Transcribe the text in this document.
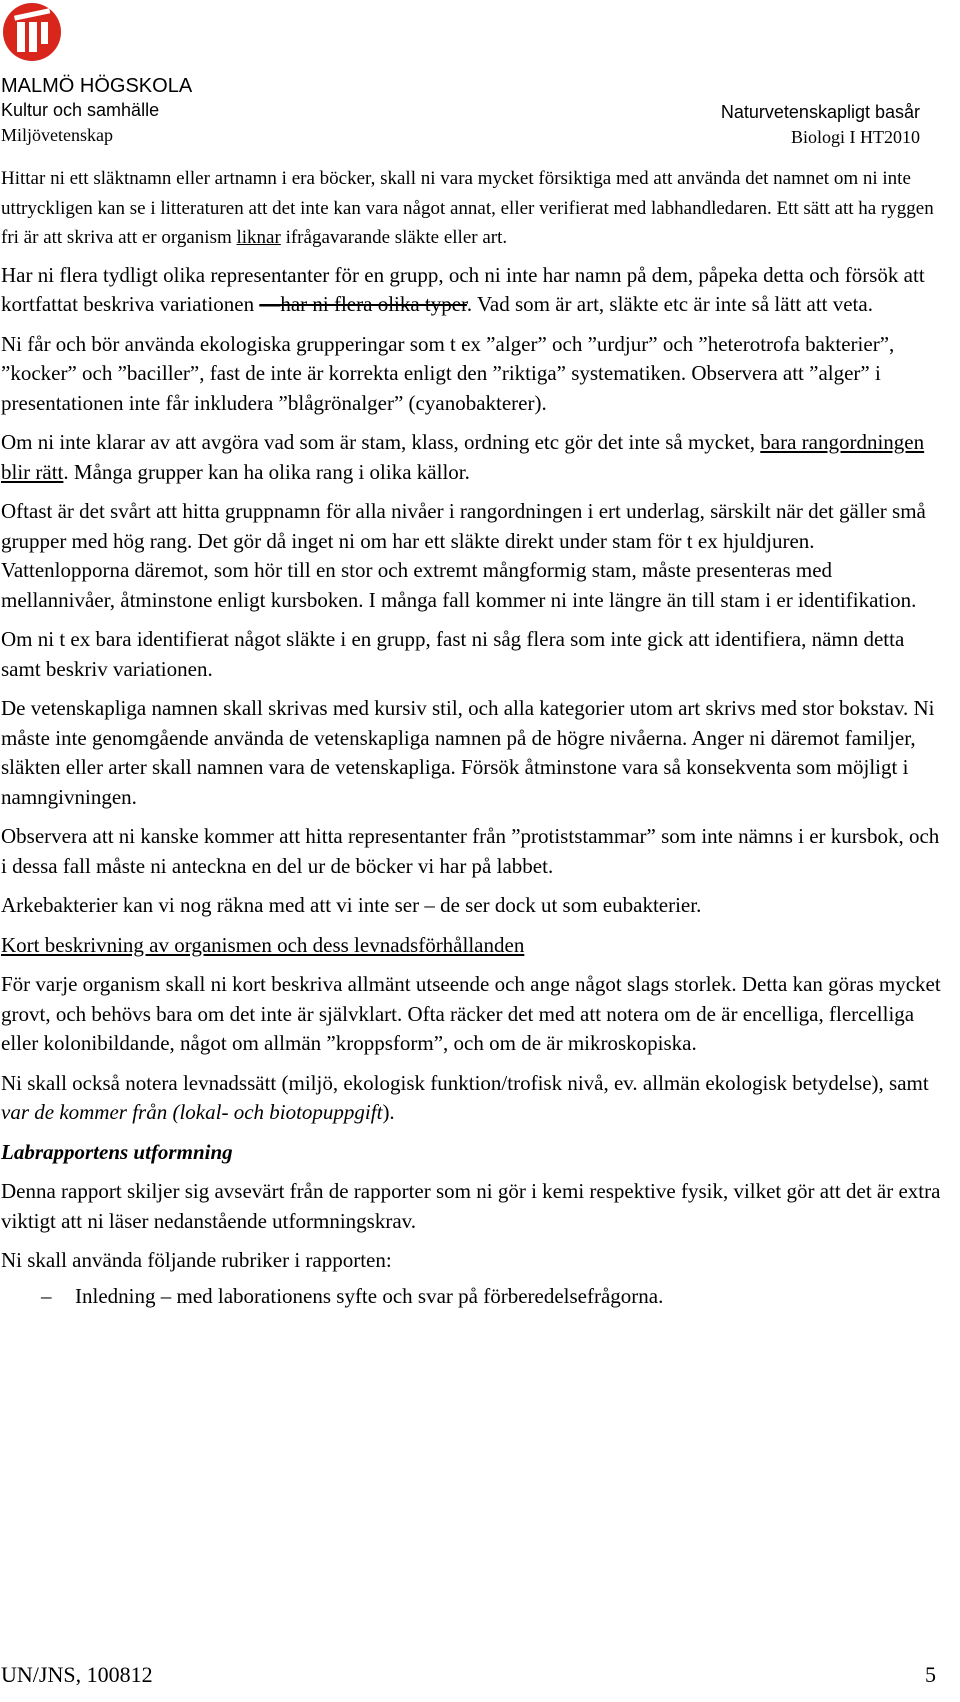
MALMÖ HÖGSKOLA
Kultur och samhälle
Miljövetenskap
Naturvetenskapligt basår
Biologi I HT2010

Hittar ni ett släktnamn eller artnamn i era böcker, skall ni vara mycket försiktiga med att använda det namnet om ni inte uttryckligen kan se i litteraturen att det inte kan vara något annat, eller verifierat med labhandledaren. Ett sätt att ha ryggen fri är att skriva att er organism liknar ifrågavarande släkte eller art.

Har ni flera tydligt olika representanter för en grupp, och ni inte har namn på dem, påpeka detta och försök att kortfattat beskriva variationen —har ni flera olika typer. Vad som är art, släkte etc är inte så lätt att veta.

Ni får och bör använda ekologiska grupperingar som t ex ”alger” och ”urdjur” och ”heterotrofa bakterier”, ”kocker” och ”baciller”, fast de inte är korrekta enligt den ”riktiga” systematiken. Observera att ”alger” i presentationen inte får inkludera ”blågrönalger” (cyanobakterer).

Om ni inte klarar av att avgöra vad som är stam, klass, ordning etc gör det inte så mycket, bara rangordningen blir rätt. Många grupper kan ha olika rang i olika källor.

Oftast är det svårt att hitta gruppnamn för alla nivåer i rangordningen i ert underlag, särskilt när det gäller små grupper med hög rang. Det gör då inget ni om har ett släkte direkt under stam för t ex hjuldjuren. Vattenlopporna däremot, som hör till en stor och extremt mångformig stam, måste presenteras med mellannivåer, åtminstone enligt kursboken. I många fall kommer ni inte längre än till stam i er identifikation.

Om ni t ex bara identifierat något släkte i en grupp, fast ni såg flera som inte gick att identifiera, nämn detta samt beskriv variationen.

De vetenskapliga namnen skall skrivas med kursiv stil, och alla kategorier utom art skrivs med stor bokstav. Ni måste inte genomgående använda de vetenskapliga namnen på de högre nivåerna. Anger ni däremot familjer, släkten eller arter skall namnen vara de vetenskapliga. Försök åtminstone vara så konsekventa som möjligt i namngivningen.

Observera att ni kanske kommer att hitta representanter från ”protiststammar” som inte nämns i er kursbok, och i dessa fall måste ni anteckna en del ur de böcker vi har på labbet.

Arkebakterier kan vi nog räkna med att vi inte ser – de ser dock ut som eubakterier.

Kort beskrivning av organismen och dess levnadsförhållanden

För varje organism skall ni kort beskriva allmänt utseende och ange något slags storlek. Detta kan göras mycket grovt, och behövs bara om det inte är självklart. Ofta räcker det med att notera om de är encelliga, flercelliga eller kolonibildande, något om allmän ”kroppsform”, och om de är mikroskopiska.

Ni skall också notera levnadssätt (miljö, ekologisk funktion/trofisk nivå, ev. allmän ekologisk betydelse), samt var de kommer från (lokal- och biotopuppgift).

Labrapportens utformning

Denna rapport skiljer sig avsevärt från de rapporter som ni gör i kemi respektive fysik, vilket gör att det är extra viktigt att ni läser nedanstående utformningskrav.

Ni skall använda följande rubriker i rapporten:

–	Inledning – med laborationens syfte och svar på förberedelsefrågorna.
UN/JNS, 100812	5
